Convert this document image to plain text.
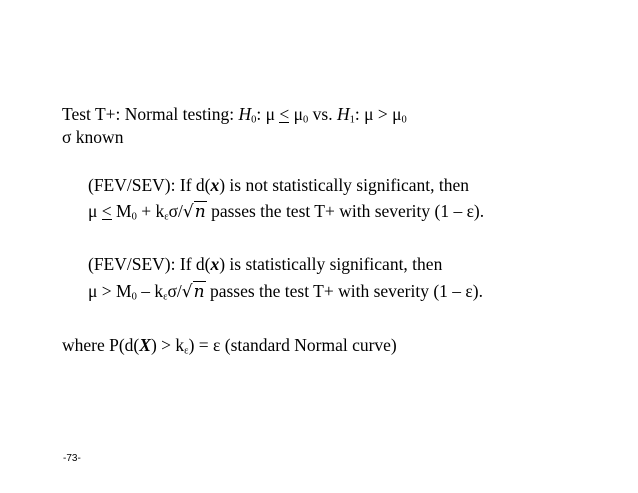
Test T+: Normal testing: $H_0$: $\mu < \mu_0$ vs. $H_1$: $\mu > \mu_0$
σ known
(FEV/SEV): If d(x) is not statistically significant, then
$\mu < M_0 + k_\varepsilon\sigma/√n$ passes the test T+ with severity (1 – ε).
(FEV/SEV): If d(x) is statistically significant, then
$\mu > M_0 - k_\varepsilon\sigma/√n$ passes the test T+ with severity (1 – ε).
where $P(d(X) > k_\varepsilon) = \varepsilon$ (standard Normal curve)
-73-
